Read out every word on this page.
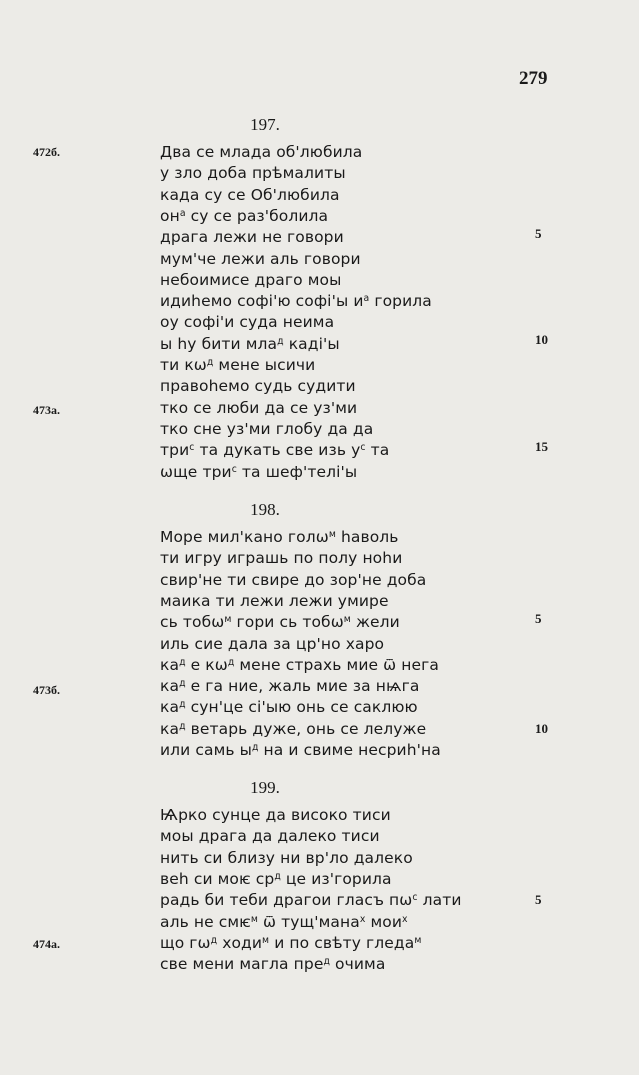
279
197.
198.
199.
472б.
473а.
473б.
474а.
5
10
15
5
10
5
Два се млада об'любила
у зло доба прѣмалиты
када су се Об'любила
$он^а$ су се раз'болила
драга лежи не говори
мум'че лежи аль говори
небоимисе драго моы
идиһемо софі'ю софі'ы $и^а$ горила
оу софі'и суда неима
ы һу бити мла$^д$ каді'ы
ти $кѡ^д$ мене ысичи
правоһемо судь судити
тко се люби да се уз'ми
тко сне уз'ми глобу да да
три$^с$ та дукать све изь $у^с$ та
ѡще три$^с$ та шеф'телі'ы
Море мил'кано голѡ$^м$ һаволь
ти игру играшь по полу ноһи
свир'не ти свире до зор'не доба
маика ти лежи лежи умире
сь тобѡ$^м$ гори сь тобѡ$^м$ жели
иль сие дала за цр'но харо
$ка^д$ е $кѡ^д$ мене страхь мие ѿ нега
$ка^д$ е га ние, жаль мие за нѩга
$ка^д$ сун'це сі'ыю онь се саклюю
$ка^д$ ветарь дуже, онь се лелуже
или самь $ы^д$ на и свиме несриһ'на
Ѩрко сунце да високо тиси
моы драга да далеко тиси
нить си близу ни вр'ло далеко
веһ си моѥ $ср^д$ це из'горила
радь би теби драгои гласъ $пѡ^с$ лати
аль не смѥ$^м$ ѿ тущ'мана$^х$ мои$^х$
що $гѡ^д$ ходи$^м$ и по свѣту гледа$^м$
све мени магла пре$^д$ очима
